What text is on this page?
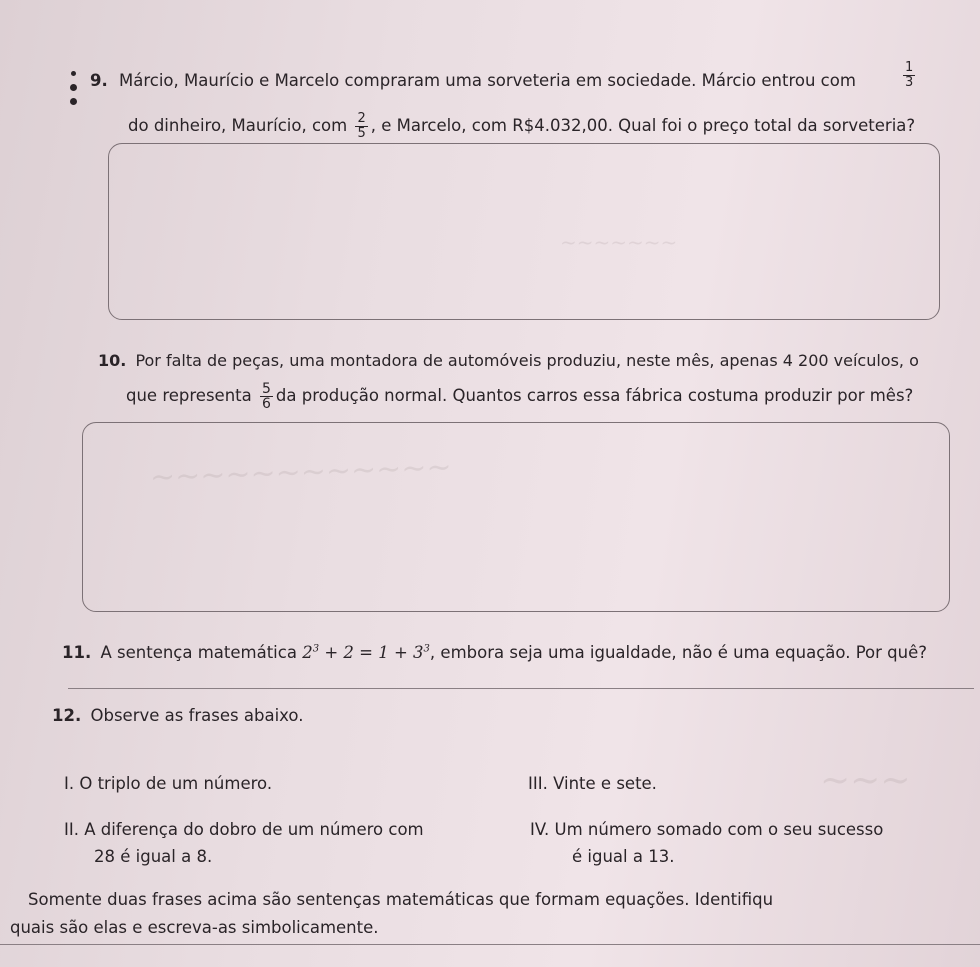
~~~~~~~~~~~~
~~~~~~~
~~~
9. Márcio, Maurício e Marcelo compraram uma sorveteria em sociedade. Márcio entrou com	$\frac{1}{3}$
do dinheiro, Maurício, com $\frac{2}{5}$ , e Marcelo, com R$4.032,00. Qual foi o preço total da sorveteria?
10. Por falta de peças, uma montadora de automóveis produziu, neste mês, apenas 4 200 veículos, o
que representa $\frac{5}{6}$ da produção normal. Quantos carros essa fábrica costuma produzir por mês?
11. A sentença matemática $2^3 + 2 = 1 + 3^3$, embora seja uma igualdade, não é uma equação. Por quê?
12. Observe as frases abaixo.
I. O triplo de um número.	III. Vinte e sete.
II. A diferença do dobro de um número com
28 é igual a 8.
IV. Um número somado com o seu sucesso
é igual a 13.
Somente duas frases acima são sentenças matemáticas que formam equações. Identifiqu
quais são elas e escreva-as simbolicamente.
